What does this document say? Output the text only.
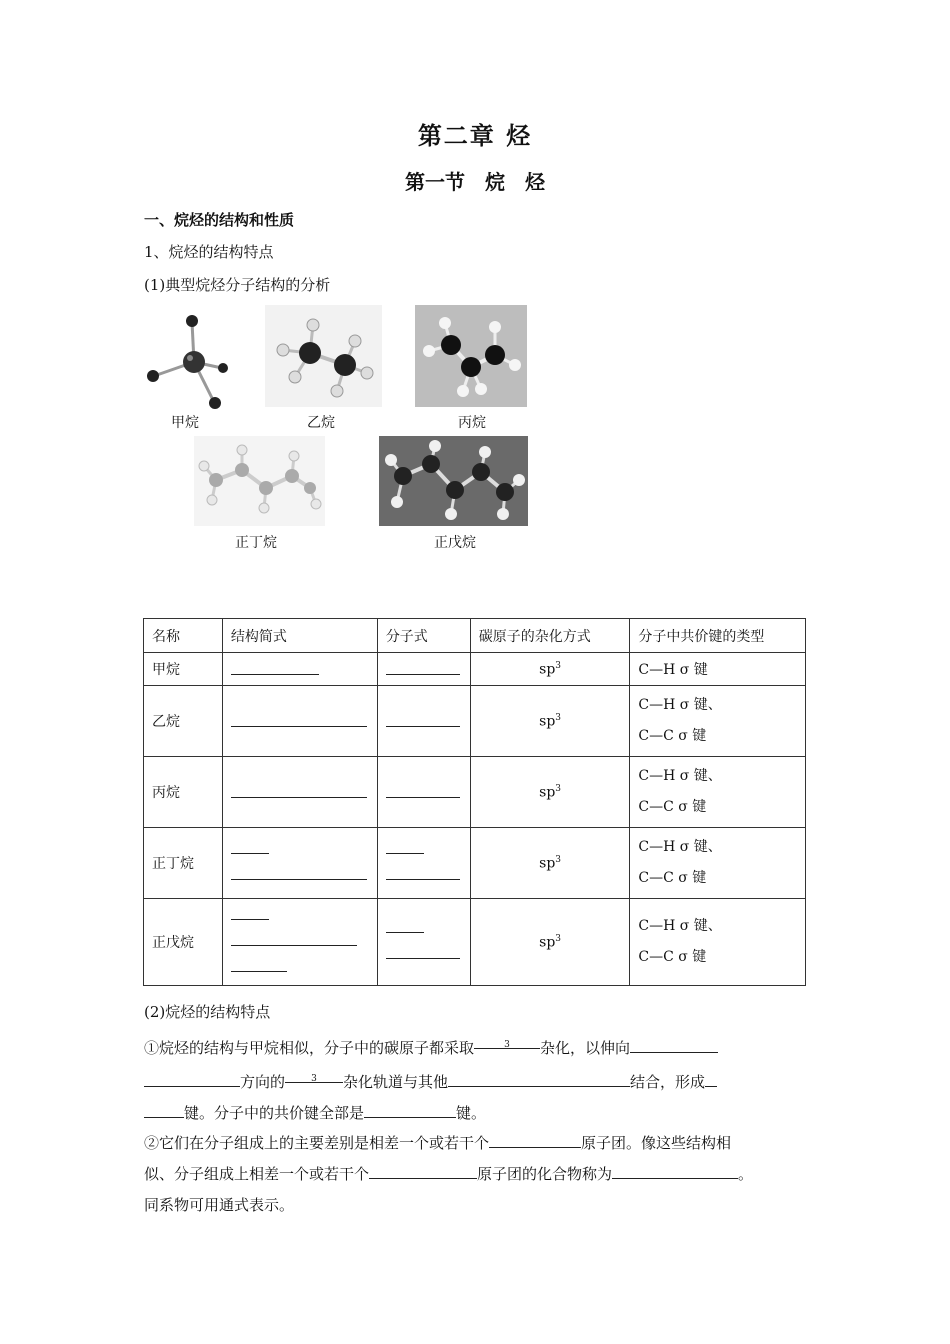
第二章 烃
第一节　烷　烃
一、烷烃的结构和性质
1、烷烃的结构特点
(1)典型烷烃分子结构的分析
甲烷	乙烷	丙烷
正丁烷	正戊烷
名称	结构简式	分子式	碳原子的杂化方式	分子中共价键的类型
甲烷			$sp^3$	C—H σ 键
乙烷			$sp^3$	C—H σ 键、
C—C σ 键
丙烷			$sp^3$	C—H σ 键、
C—C σ 键
正丁烷			$sp^3$	C—H σ 键、
C—C σ 键
正戊烷			$sp^3$	C—H σ 键、
C—C σ 键
(2)烷烃的结构特点
①烷烃的结构与甲烷相似，分子中的碳原子都采取	$^3$ 杂化，以伸向
方向的	$^3$ 杂化轨道与其他	结合，形成
键。分子中的共价键全部是	键。
②它们在分子组成上的主要差别是相差一个或若干个	原子团。像这些结构相
似、分子组成上相差一个或若干个	原子团的化合物称为	。
同系物可用通式表示。
